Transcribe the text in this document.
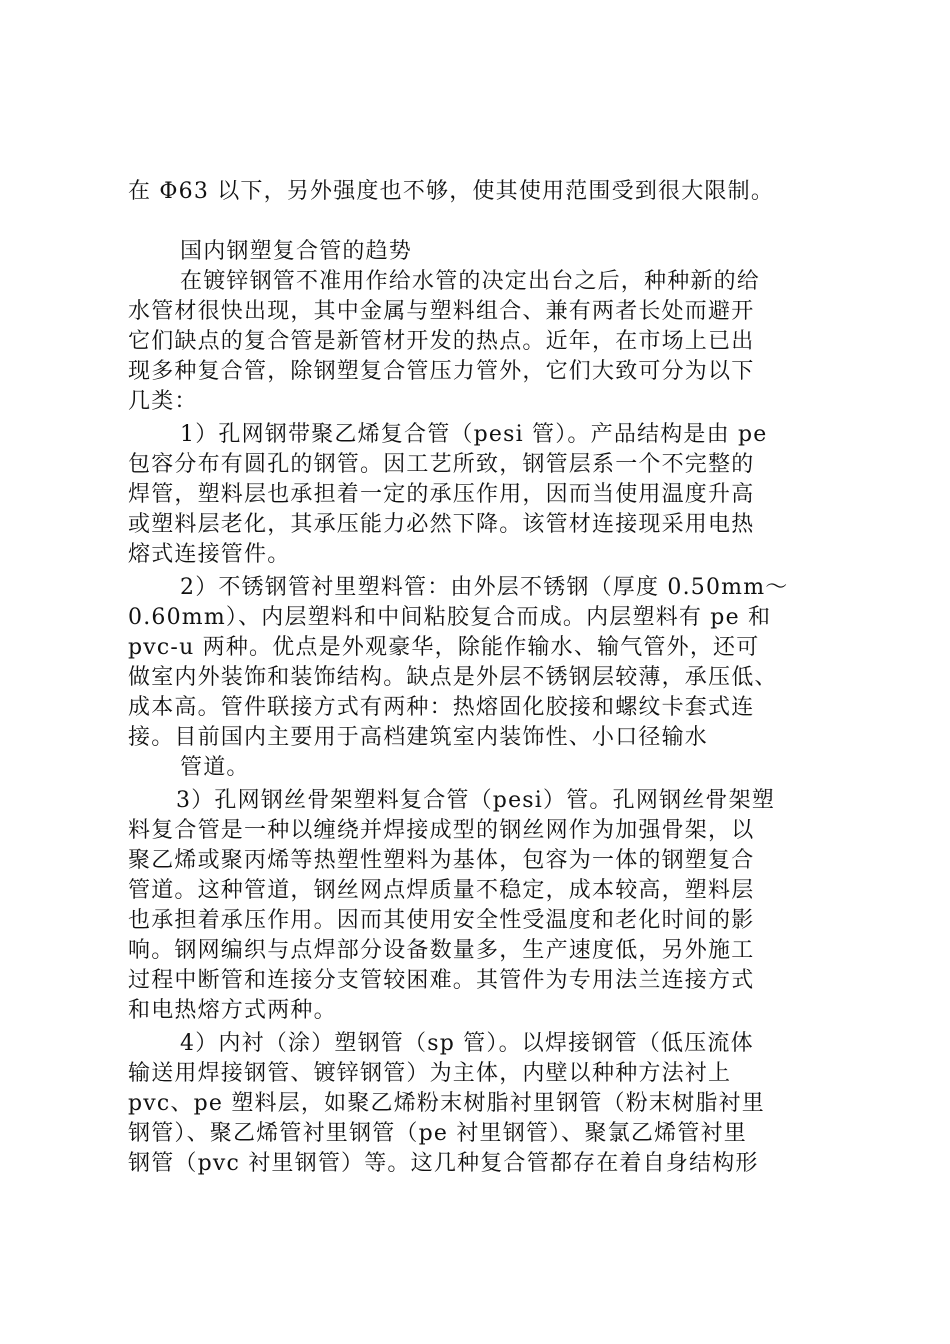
在 Φ63 以下，另外强度也不够，使其使用范围受到很大限制。
国内钢塑复合管的趋势
在镀锌钢管不准用作给水管的决定出台之后，种种新的给
水管材很快出现，其中金属与塑料组合、兼有两者长处而避开
它们缺点的复合管是新管材开发的热点。近年，在市场上已出
现多种复合管，除钢塑复合管压力管外，它们大致可分为以下
几类：
1）孔网钢带聚乙烯复合管（pesi 管）。产品结构是由 pe
包容分布有圆孔的钢管。因工艺所致，钢管层系一个不完整的
焊管，塑料层也承担着一定的承压作用，因而当使用温度升高
或塑料层老化，其承压能力必然下降。该管材连接现采用电热
熔式连接管件。
2）不锈钢管衬里塑料管：由外层不锈钢（厚度 0.50mm～
0.60mm）、内层塑料和中间粘胶复合而成。内层塑料有 pe 和
pvc-u 两种。优点是外观豪华，除能作输水、输气管外，还可
做室内外装饰和装饰结构。缺点是外层不锈钢层较薄，承压低、
成本高。管件联接方式有两种：热熔固化胶接和螺纹卡套式连
接。目前国内主要用于高档建筑室内装饰性、小口径输水
管道。
3）孔网钢丝骨架塑料复合管（pesi）管。孔网钢丝骨架塑
料复合管是一种以缠绕并焊接成型的钢丝网作为加强骨架，以
聚乙烯或聚丙烯等热塑性塑料为基体，包容为一体的钢塑复合
管道。这种管道，钢丝网点焊质量不稳定，成本较高，塑料层
也承担着承压作用。因而其使用安全性受温度和老化时间的影
响。钢网编织与点焊部分设备数量多，生产速度低，另外施工
过程中断管和连接分支管较困难。其管件为专用法兰连接方式
和电热熔方式两种。
4）内衬（涂）塑钢管（sp 管）。以焊接钢管（低压流体
输送用焊接钢管、镀锌钢管）为主体，内壁以种种方法衬上
pvc、pe 塑料层，如聚乙烯粉末树脂衬里钢管（粉末树脂衬里
钢管）、聚乙烯管衬里钢管（pe 衬里钢管）、聚氯乙烯管衬里
钢管（pvc 衬里钢管）等。这几种复合管都存在着自身结构形
